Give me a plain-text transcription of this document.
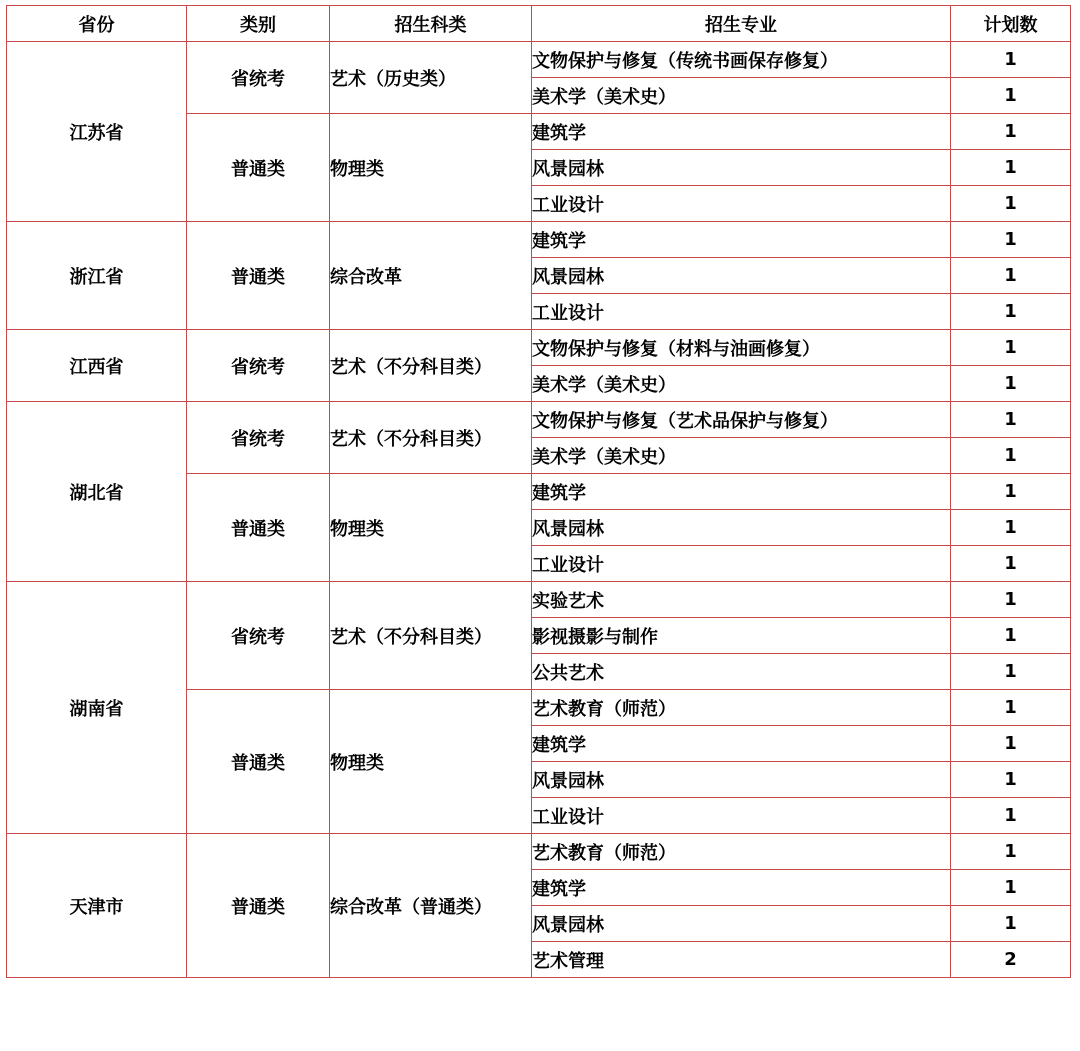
省份	类别	招生科类	招生专业	计划数
江苏省	省统考	艺术（历史类）	文物保护与修复（传统书画保存修复）	1
			美术学（美术史）	1
	普通类	物理类	建筑学	1
			风景园林	1
			工业设计	1
浙江省	普通类	综合改革	建筑学	1
			风景园林	1
			工业设计	1
江西省	省统考	艺术（不分科目类）	文物保护与修复（材料与油画修复）	1
			美术学（美术史）	1
湖北省	省统考	艺术（不分科目类）	文物保护与修复（艺术品保护与修复）	1
			美术学（美术史）	1
	普通类	物理类	建筑学	1
			风景园林	1
			工业设计	1
湖南省	省统考	艺术（不分科目类）	实验艺术	1
			影视摄影与制作	1
			公共艺术	1
	普通类	物理类	艺术教育（师范）	1
			建筑学	1
			风景园林	1
			工业设计	1
天津市	普通类	综合改革（普通类）	艺术教育（师范）	1
			建筑学	1
			风景园林	1
			艺术管理	2
